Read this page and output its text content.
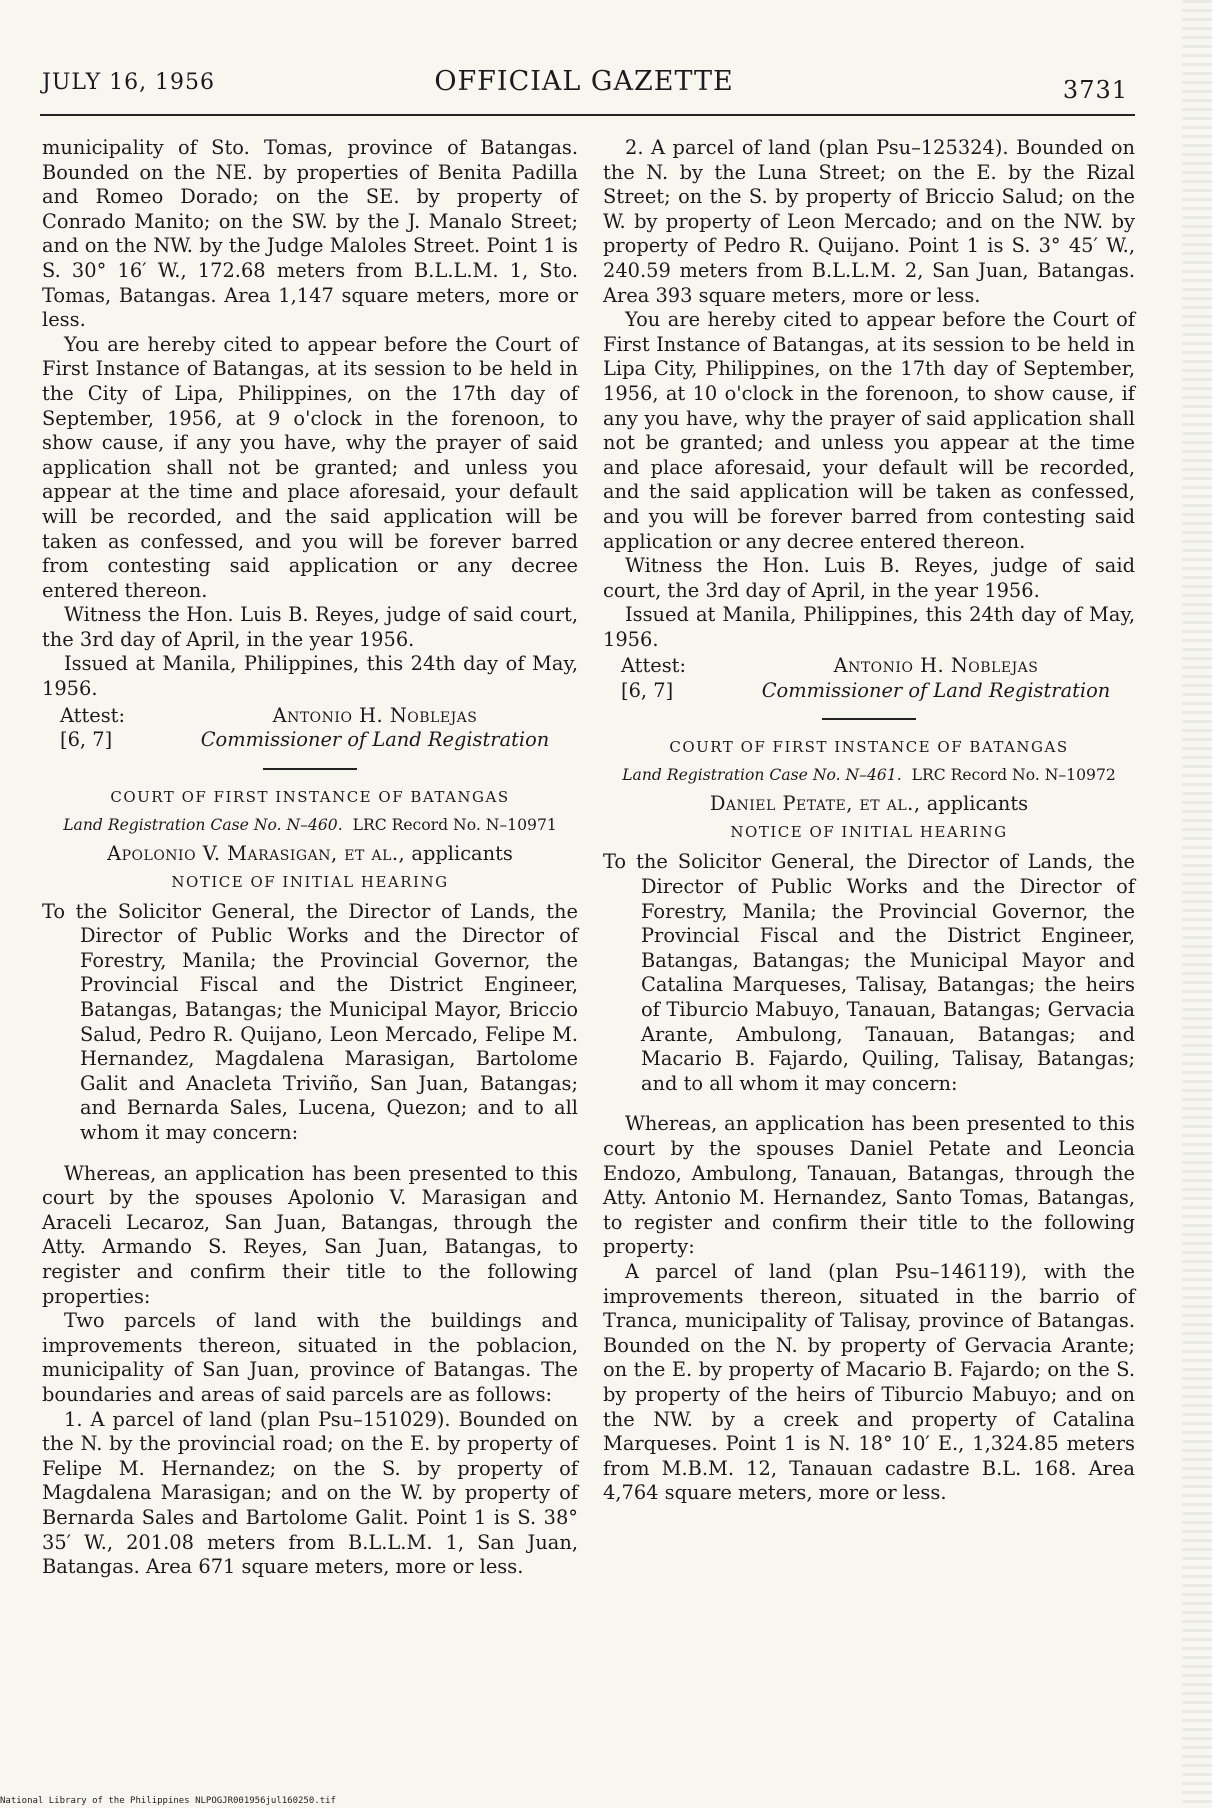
JULY 16, 1956	OFFICIAL GAZETTE	3731

municipality of Sto. Tomas, province of Batangas. Bounded on the NE. by properties of Benita Padilla and Romeo Dorado; on the SE. by property of Conrado Manito; on the SW. by the J. Manalo Street; and on the NW. by the Judge Maloles Street. Point 1 is S. 30° 16′ W., 172.68 meters from B.L.L.M. 1, Sto. Tomas, Batangas. Area 1,147 square meters, more or less.

You are hereby cited to appear before the Court of First Instance of Batangas, at its session to be held in the City of Lipa, Philippines, on the 17th day of September, 1956, at 9 o'clock in the forenoon, to show cause, if any you have, why the prayer of said application shall not be granted; and unless you appear at the time and place aforesaid, your default will be recorded, and the said application will be taken as confessed, and you will be forever barred from contesting said application or any decree entered thereon.

Witness the Hon. Luis B. Reyes, judge of said court, the 3rd day of April, in the year 1956.

Issued at Manila, Philippines, this 24th day of May, 1956.

Attest:
[6, 7]
Antonio H. Noblejas
Commissioner of Land Registration
COURT OF FIRST INSTANCE OF BATANGAS
Land Registration Case No. N–460. LRC Record No. N–10971
Apolonio V. Marasigan, et al., applicants
NOTICE OF INITIAL HEARING

To the Solicitor General, the Director of Lands, the Director of Public Works and the Director of Forestry, Manila; the Provincial Governor, the Provincial Fiscal and the District Engineer, Batangas, Batangas; the Municipal Mayor, Briccio Salud, Pedro R. Quijano, Leon Mercado, Felipe M. Hernandez, Magdalena Marasigan, Bartolome Galit and Anacleta Triviño, San Juan, Batangas; and Bernarda Sales, Lucena, Quezon; and to all whom it may concern:

Whereas, an application has been presented to this court by the spouses Apolonio V. Marasigan and Araceli Lecaroz, San Juan, Batangas, through the Atty. Armando S. Reyes, San Juan, Batangas, to register and confirm their title to the following properties:

Two parcels of land with the buildings and improvements thereon, situated in the poblacion, municipality of San Juan, province of Batangas. The boundaries and areas of said parcels are as follows:

1. A parcel of land (plan Psu–151029). Bounded on the N. by the provincial road; on the E. by property of Felipe M. Hernandez; on the S. by property of Magdalena Marasigan; and on the W. by property of Bernarda Sales and Bartolome Galit. Point 1 is S. 38° 35′ W., 201.08 meters from B.L.L.M. 1, San Juan, Batangas. Area 671 square meters, more or less.

2. A parcel of land (plan Psu–125324). Bounded on the N. by the Luna Street; on the E. by the Rizal Street; on the S. by property of Briccio Salud; on the W. by property of Leon Mercado; and on the NW. by property of Pedro R. Quijano. Point 1 is S. 3° 45′ W., 240.59 meters from B.L.L.M. 2, San Juan, Batangas. Area 393 square meters, more or less.

You are hereby cited to appear before the Court of First Instance of Batangas, at its session to be held in Lipa City, Philippines, on the 17th day of September, 1956, at 10 o'clock in the forenoon, to show cause, if any you have, why the prayer of said application shall not be granted; and unless you appear at the time and place aforesaid, your default will be recorded, and the said application will be taken as confessed, and you will be forever barred from contesting said application or any decree entered thereon.

Witness the Hon. Luis B. Reyes, judge of said court, the 3rd day of April, in the year 1956.

Issued at Manila, Philippines, this 24th day of May, 1956.

Attest:
[6, 7]
Antonio H. Noblejas
Commissioner of Land Registration
COURT OF FIRST INSTANCE OF BATANGAS
Land Registration Case No. N–461. LRC Record No. N–10972
Daniel Petate, et al., applicants
NOTICE OF INITIAL HEARING

To the Solicitor General, the Director of Lands, the Director of Public Works and the Director of Forestry, Manila; the Provincial Governor, the Provincial Fiscal and the District Engineer, Batangas, Batangas; the Municipal Mayor and Catalina Marqueses, Talisay, Batangas; the heirs of Tiburcio Mabuyo, Tanauan, Batangas; Gervacia Arante, Ambulong, Tanauan, Batangas; and Macario B. Fajardo, Quiling, Talisay, Batangas; and to all whom it may concern:

Whereas, an application has been presented to this court by the spouses Daniel Petate and Leoncia Endozo, Ambulong, Tanauan, Batangas, through the Atty. Antonio M. Hernandez, Santo Tomas, Batangas, to register and confirm their title to the following property:

A parcel of land (plan Psu–146119), with the improvements thereon, situated in the barrio of Tranca, municipality of Talisay, province of Batangas. Bounded on the N. by property of Gervacia Arante; on the E. by property of Macario B. Fajardo; on the S. by property of the heirs of Tiburcio Mabuyo; and on the NW. by a creek and property of Catalina Marqueses. Point 1 is N. 18° 10′ E., 1,324.85 meters from M.B.M. 12, Tanauan cadastre B.L. 168. Area 4,764 square meters, more or less.

National Library of the Philippines NLPOGJR001956jul160250.tif
